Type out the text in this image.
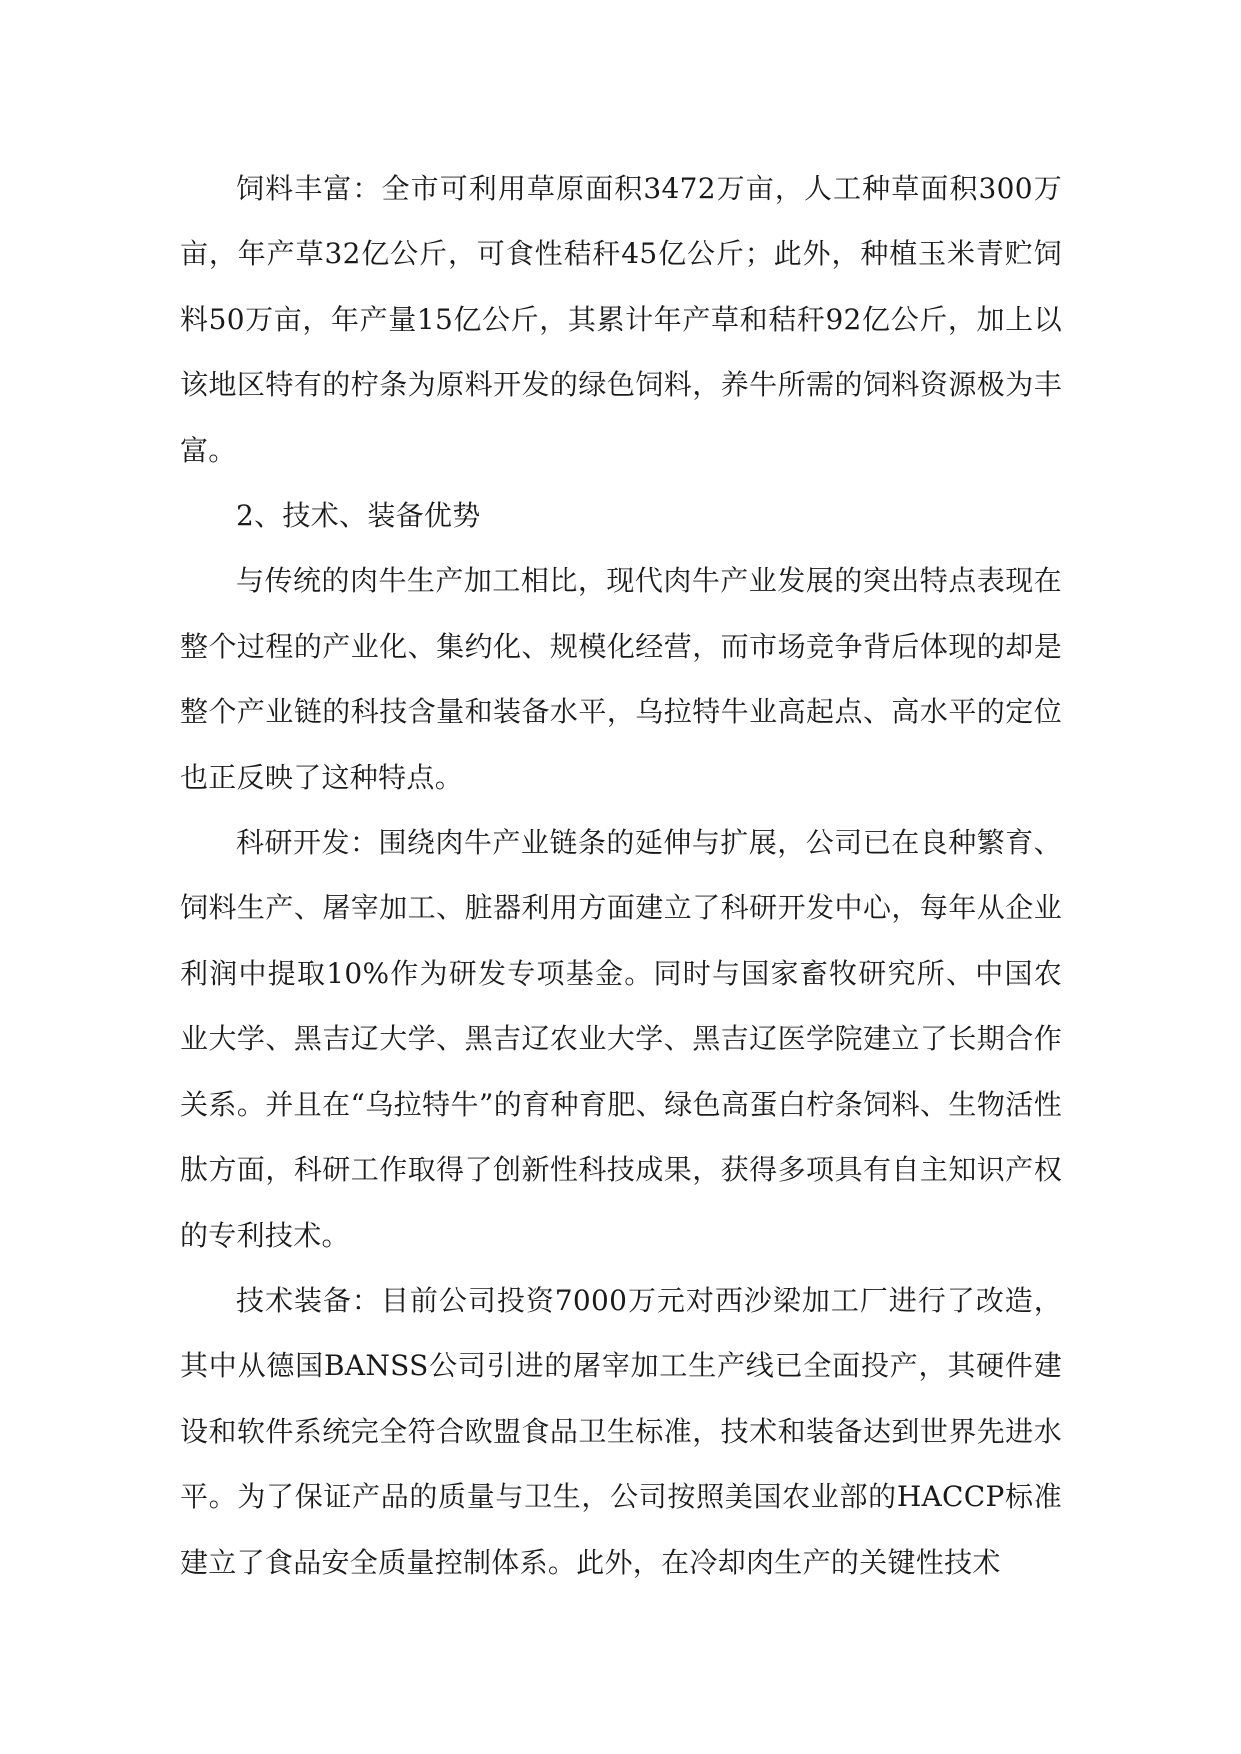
饲料丰富：全市可利用草原面积3472万亩，人工种草面积300万亩，年产草32亿公斤，可食性秸秆45亿公斤；此外，种植玉米青贮饲料50万亩，年产量15亿公斤，其累计年产草和秸秆92亿公斤，加上以该地区特有的柠条为原料开发的绿色饲料，养牛所需的饲料资源极为丰富。

2、技术、装备优势

与传统的肉牛生产加工相比，现代肉牛产业发展的突出特点表现在整个过程的产业化、集约化、规模化经营，而市场竞争背后体现的却是整个产业链的科技含量和装备水平，乌拉特牛业高起点、高水平的定位也正反映了这种特点。

科研开发：围绕肉牛产业链条的延伸与扩展，公司已在良种繁育、饲料生产、屠宰加工、脏器利用方面建立了科研开发中心，每年从企业利润中提取10%作为研发专项基金。同时与国家畜牧研究所、中国农业大学、黑吉辽大学、黑吉辽农业大学、黑吉辽医学院建立了长期合作关系。并且在“乌拉特牛”的育种育肥、绿色高蛋白柠条饲料、生物活性肽方面，科研工作取得了创新性科技成果，获得多项具有自主知识产权的专利技术。

技术装备：目前公司投资7000万元对西沙梁加工厂进行了改造，其中从德国BANSS公司引进的屠宰加工生产线已全面投产，其硬件建设和软件系统完全符合欧盟食品卫生标准，技术和装备达到世界先进水平。为了保证产品的质量与卫生，公司按照美国农业部的HACCP标准建立了食品安全质量控制体系。此外，在冷却肉生产的关键性技术
